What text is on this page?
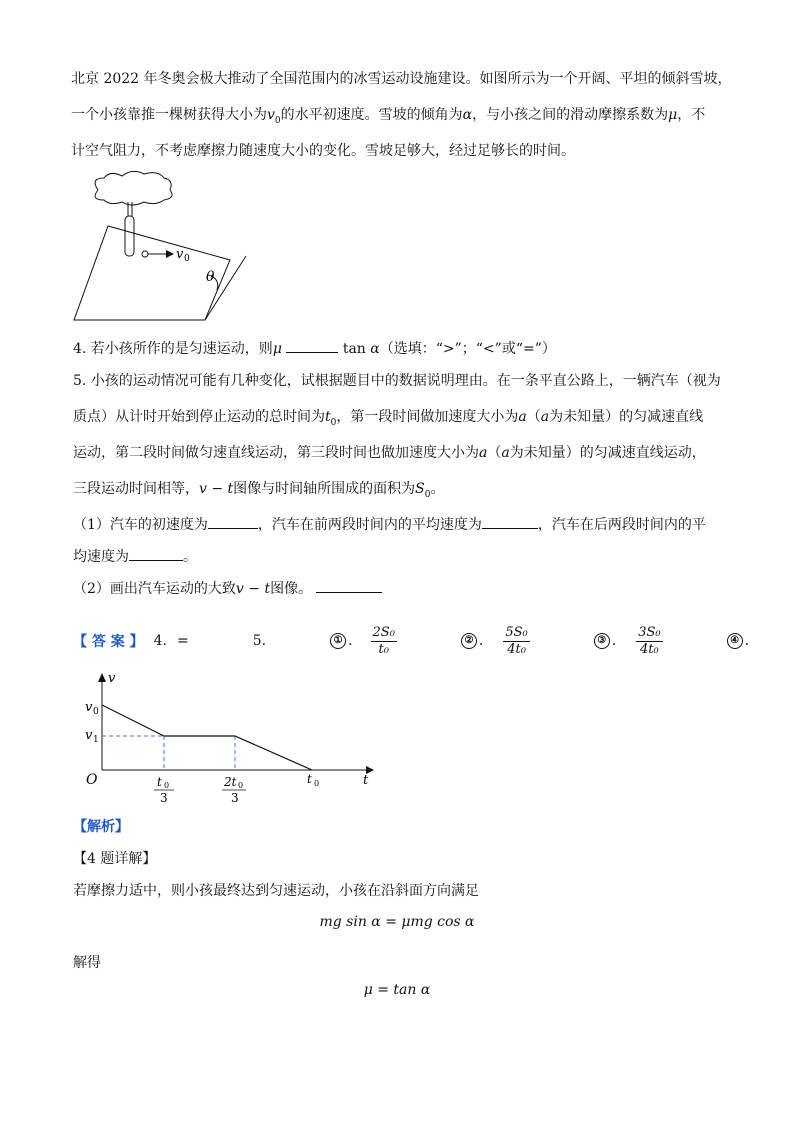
北京 2022 年冬奥会极大推动了全国范围内的冰雪运动设施建设。如图所示为一个开阔、平坦的倾斜雪坡，
一个小孩靠推一棵树获得大小为$v_0$的水平初速度。雪坡的倾角为α，与小孩之间的滑动摩擦系数为μ，不
计空气阻力，不考虑摩擦力随速度大小的变化。雪坡足够大，经过足够长的时间。
v 0
θ
4. 若小孩所作的是匀速运动，则μ	tan α（选填：“>”；“<”或“=”）
5. 小孩的运动情况可能有几种变化，试根据题目中的数据说明理由。在一条平直公路上，一辆汽车（视为
质点）从计时开始到停止运动的总时间为$t_0$，第一段时间做加速度大小为a（a为未知量）的匀减速直线
运动，第二段时间做匀速直线运动，第三段时间也做加速度大小为a（a为未知量）的匀减速直线运动，
三段运动时间相等，v − t图像与时间轴所围成的面积为$S_0$。
（1）汽车的初速度为	，汽车在前两段时间内的平均速度为	，汽车在后两段时间内的平
均速度为	。
（2）画出汽车运动的大致v − t图像。
【 答 案 】 4. =	5.	① . $\frac{\text{2S₀}}{\text{t₀}}$	② . $\frac{\text{5S₀}}{\text{4t₀}}$	③ . $\frac{\text{3S₀}}{\text{4t₀}}$	④ .
v
t
O
v 0
v 1
t 0
3
2t 0
3
t 0
【解析】
【4 题详解】
若摩擦力适中，则小孩最终达到匀速运动，小孩在沿斜面方向满足
mg sin α = μmg cos α
解得
μ = tan α
